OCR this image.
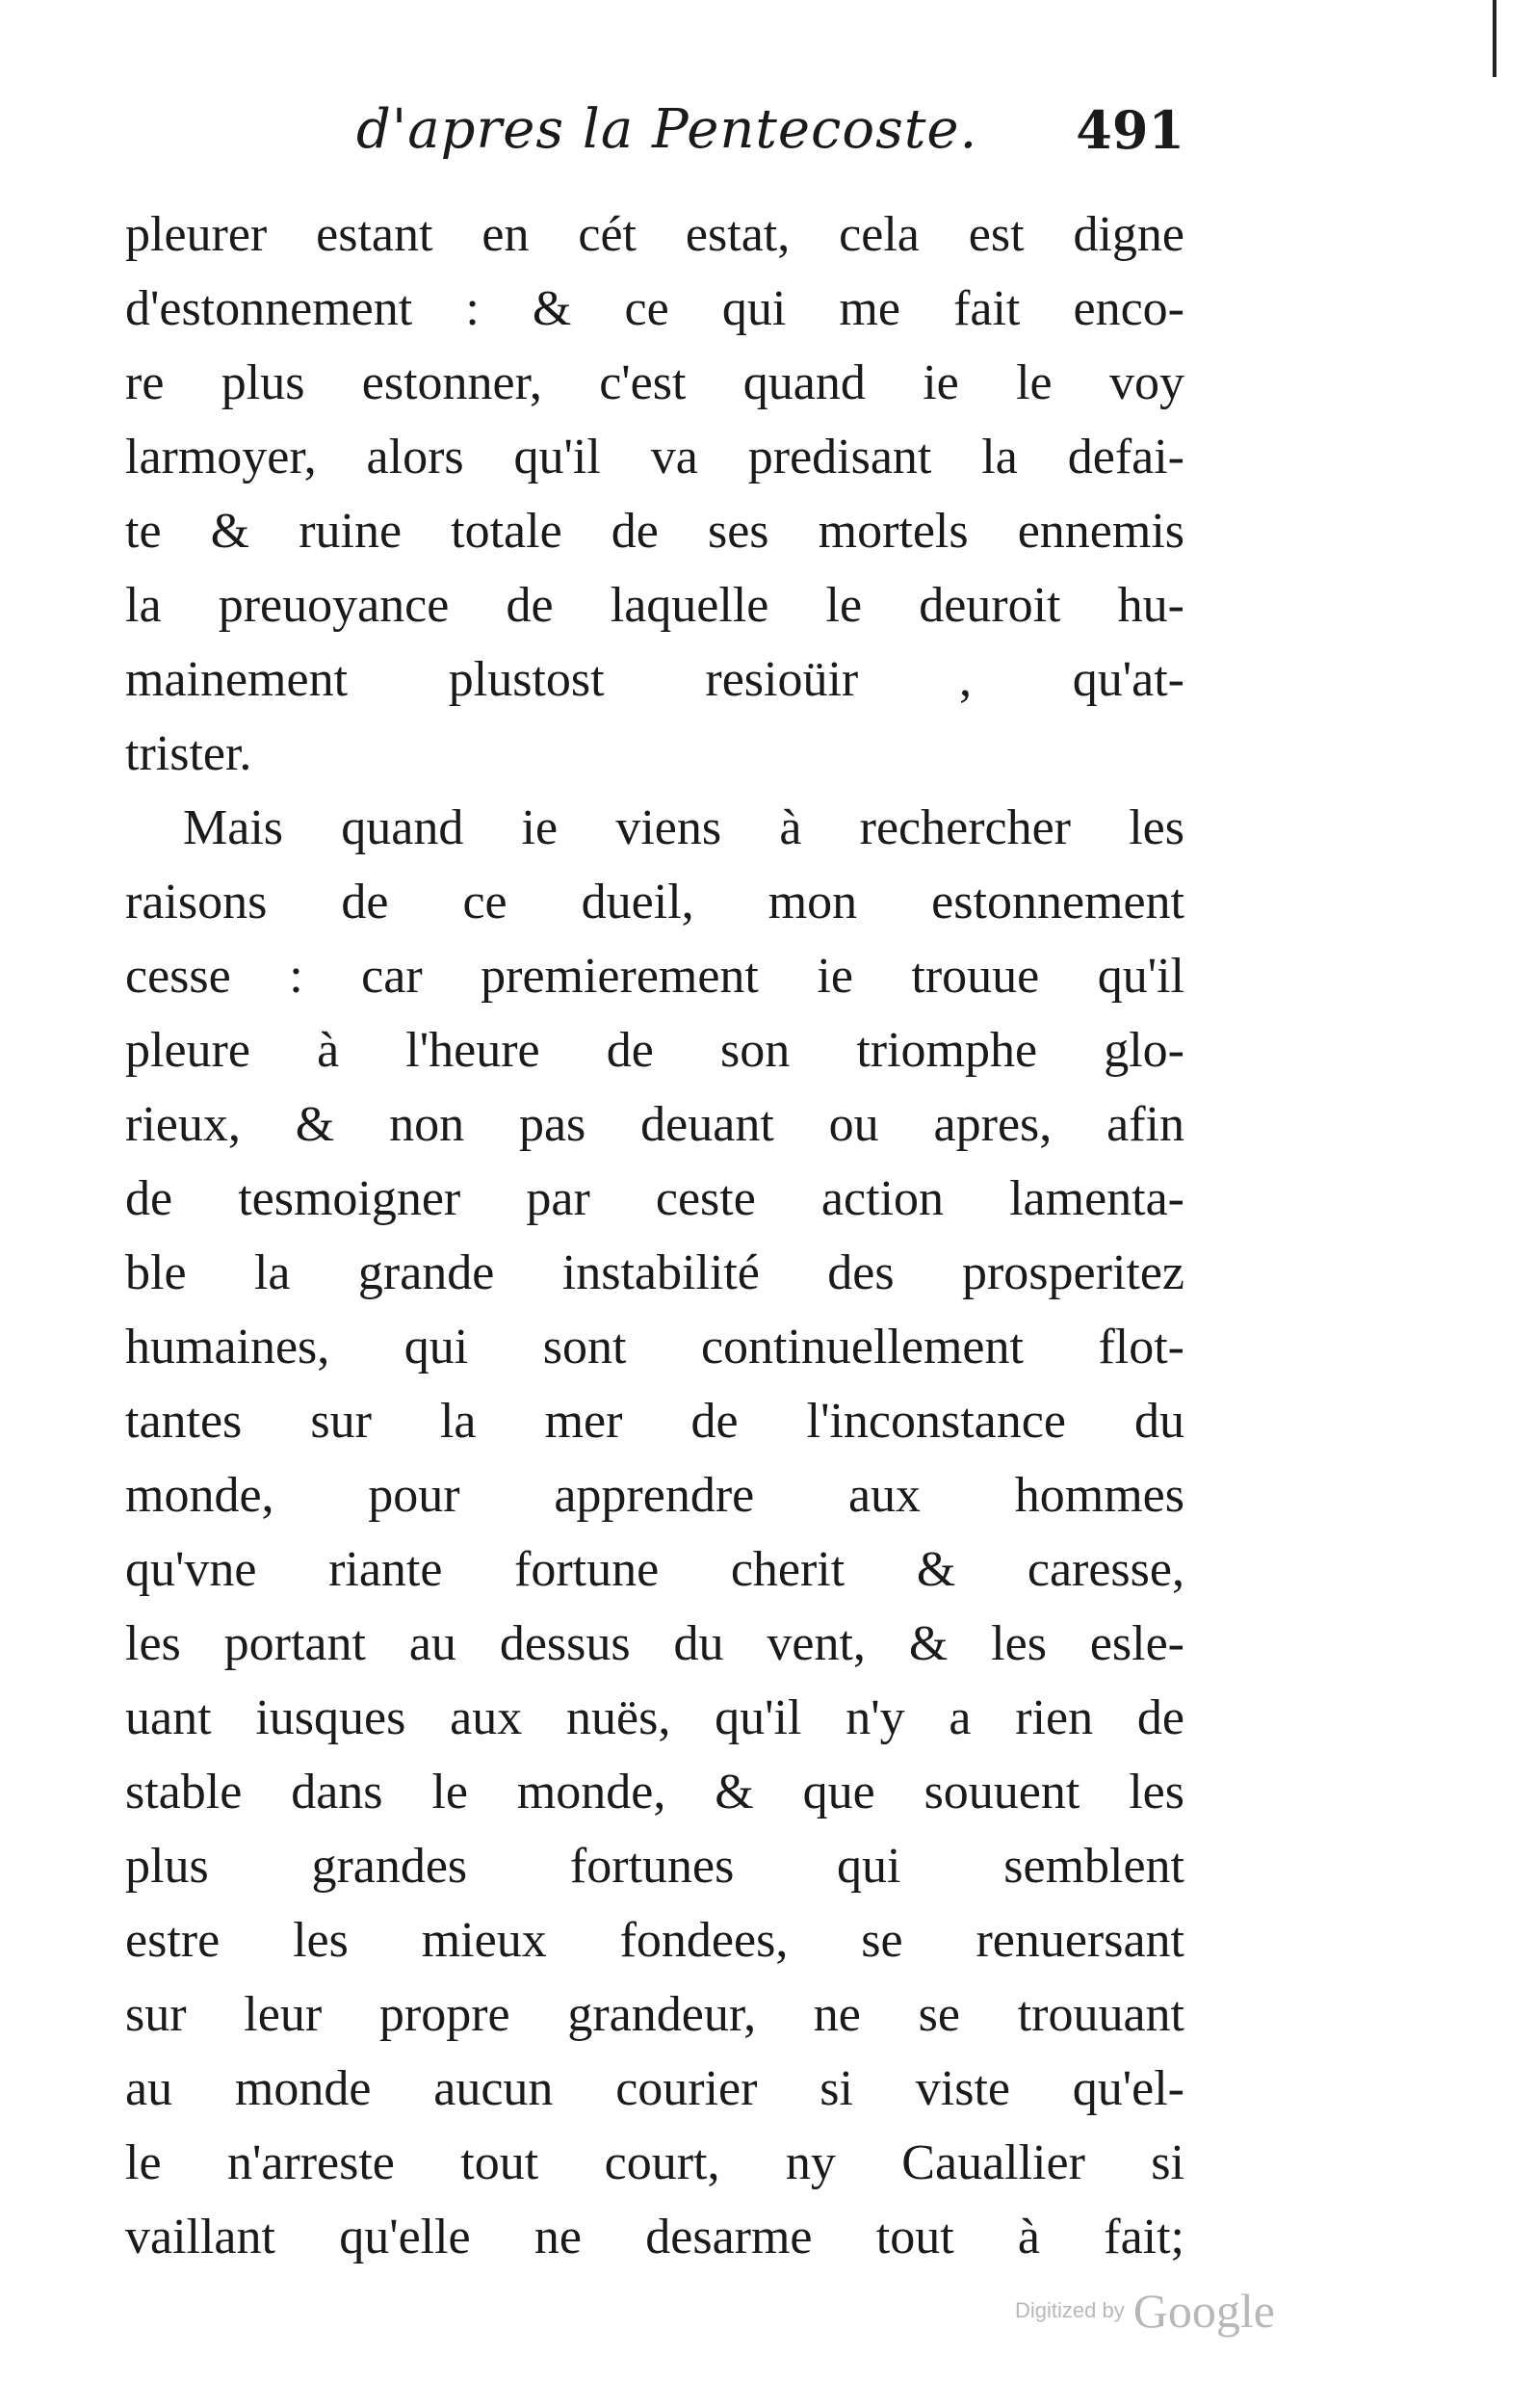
d'apres la Pentecoste. 491
pleurer estant en cét estat, cela est digne
d'estonnement : & ce qui me fait enco-
re plus estonner, c'est quand ie le voy
larmoyer, alors qu'il va predisant la defai-
te & ruine totale de ses mortels ennemis
la preuoyance de laquelle le deuroit hu-
mainement plustost resioüir , qu'at-
trister.
Mais quand ie viens à rechercher les
raisons de ce dueil, mon estonnement
cesse : car premierement ie trouue qu'il
pleure à l'heure de son triomphe glo-
rieux, & non pas deuant ou apres, afin
de tesmoigner par ceste action lamenta-
ble la grande instabilité des prosperitez
humaines, qui sont continuellement flot-
tantes sur la mer de l'inconstance du
monde, pour apprendre aux hommes
qu'vne riante fortune cherit & caresse,
les portant au dessus du vent, & les esle-
uant iusques aux nuës, qu'il n'y a rien de
stable dans le monde, & que souuent les
plus grandes fortunes qui semblent
estre les mieux fondees, se renuersant
sur leur propre grandeur, ne se trouuant
au monde aucun courier si viste qu'el-
le n'arreste tout court, ny Cauallier si
vaillant qu'elle ne desarme tout à fait;
Digitized by Google
